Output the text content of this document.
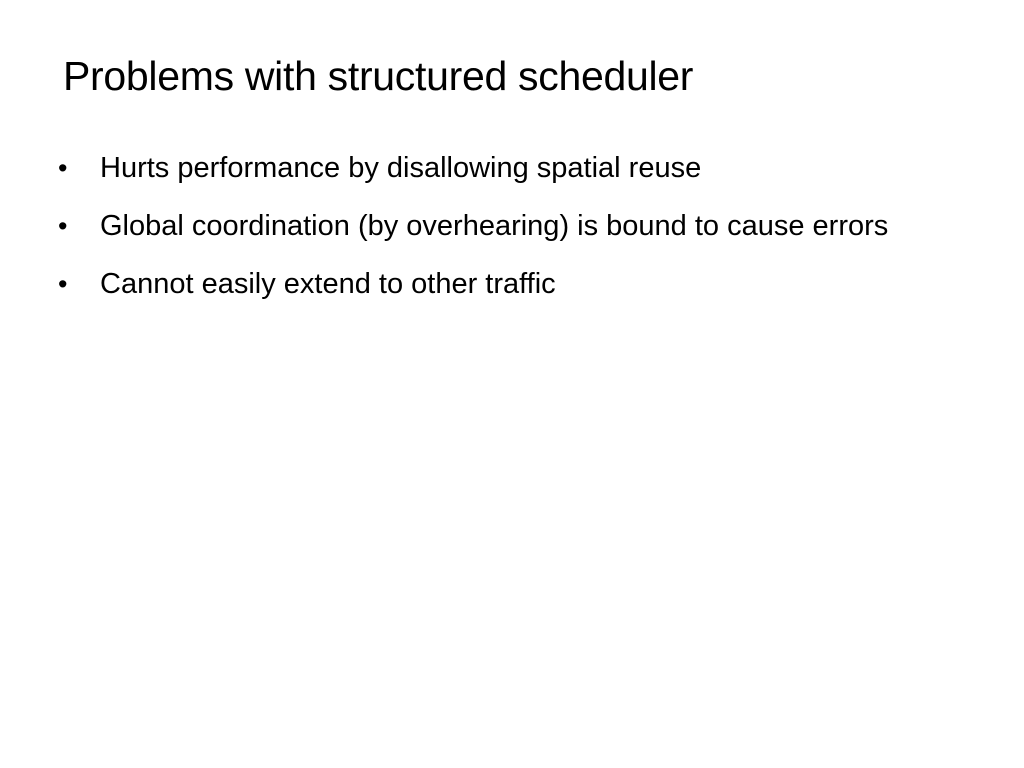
Problems with structured scheduler
•	Hurts performance by disallowing spatial reuse
•	Global coordination (by overhearing) is bound to cause errors
•	Cannot easily extend to other traffic
